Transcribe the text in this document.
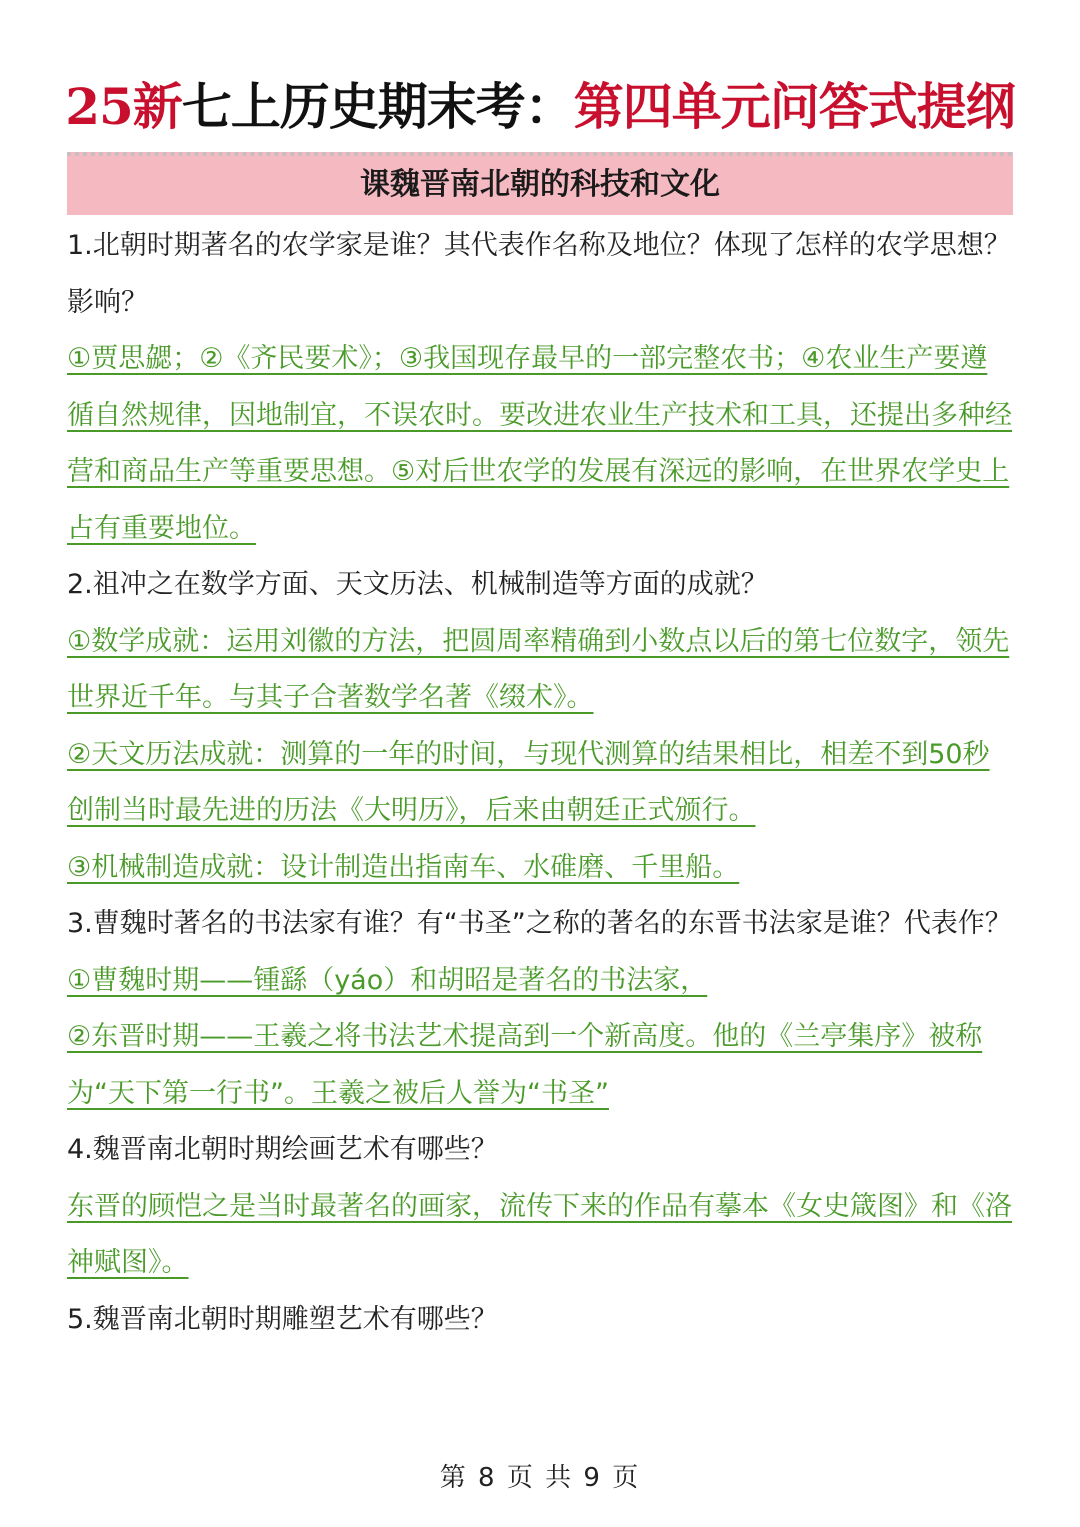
25新七上历史期末考：第四单元问答式提纲
课魏晋南北朝的科技和文化

1.北朝时期著名的农学家是谁？其代表作名称及地位？体现了怎样的农学思想？影响？

①贾思勰；②《齐民要术》；③我国现存最早的一部完整农书；④农业生产要遵循自然规律，因地制宜，不误农时。要改进农业生产技术和工具，还提出多种经营和商品生产等重要思想。⑤对后世农学的发展有深远的影响，在世界农学史上占有重要地位。

2.祖冲之在数学方面、天文历法、机械制造等方面的成就？

①数学成就：运用刘徽的方法，把圆周率精确到小数点以后的第七位数字，领先世界近千年。与其子合著数学名著《缀术》。

②天文历法成就：测算的一年的时间，与现代测算的结果相比，相差不到50秒创制当时最先进的历法《大明历》，后来由朝廷正式颁行。

③机械制造成就：设计制造出指南车、水碓磨、千里船。

3.曹魏时著名的书法家有谁？有“书圣”之称的著名的东晋书法家是谁？代表作？

①曹魏时期——锺繇（yáo）和胡昭是著名的书法家，

②东晋时期——王羲之将书法艺术提高到一个新高度。他的《兰亭集序》被称为“天下第一行书”。王羲之被后人誉为“书圣”

4.魏晋南北朝时期绘画艺术有哪些？

东晋的顾恺之是当时最著名的画家，流传下来的作品有摹本《女史箴图》和《洛神赋图》。

5.魏晋南北朝时期雕塑艺术有哪些？

第 8 页 共 9 页
